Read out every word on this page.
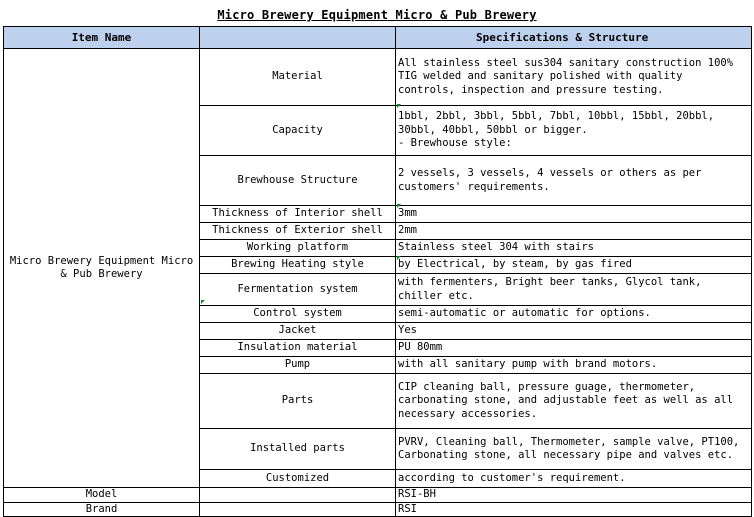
Micro Brewery Equipment Micro & Pub Brewery
Item Name		Specifications & Structure
Micro Brewery Equipment Micro
& Pub Brewery	Material	All stainless steel sus304 sanitary construction 100%
TIG welded and sanitary polished with quality
controls, inspection and pressure testing.
	Capacity	1bbl, 2bbl, 3bbl, 5bbl, 7bbl, 10bbl, 15bbl, 20bbl,
30bbl, 40bbl, 50bbl or bigger.
- Brewhouse style:
	Brewhouse Structure	2 vessels, 3 vessels, 4 vessels or others as per
customers' requirements.
	Thickness of Interior shell	3mm
	Thickness of Exterior shell	2mm
	Working platform	Stainless steel 304 with stairs
	Brewing Heating style	by Electrical, by steam, by gas fired
	Fermentation system	with fermenters, Bright beer tanks, Glycol tank,
chiller etc.
	Control system	semi-automatic or automatic for options.
	Jacket	Yes
	Insulation material	PU 80mm
	Pump	with all sanitary pump with brand motors.
	Parts	CIP cleaning ball, pressure guage, thermometer,
carbonating stone, and adjustable feet as well as all
necessary accessories.
	Installed parts	PVRV, Cleaning ball, Thermometer, sample valve, PT100,
Carbonating stone, all necessary pipe and valves etc.
	Customized	according to customer's requirement.
Model		RSI-BH
Brand		RSI
